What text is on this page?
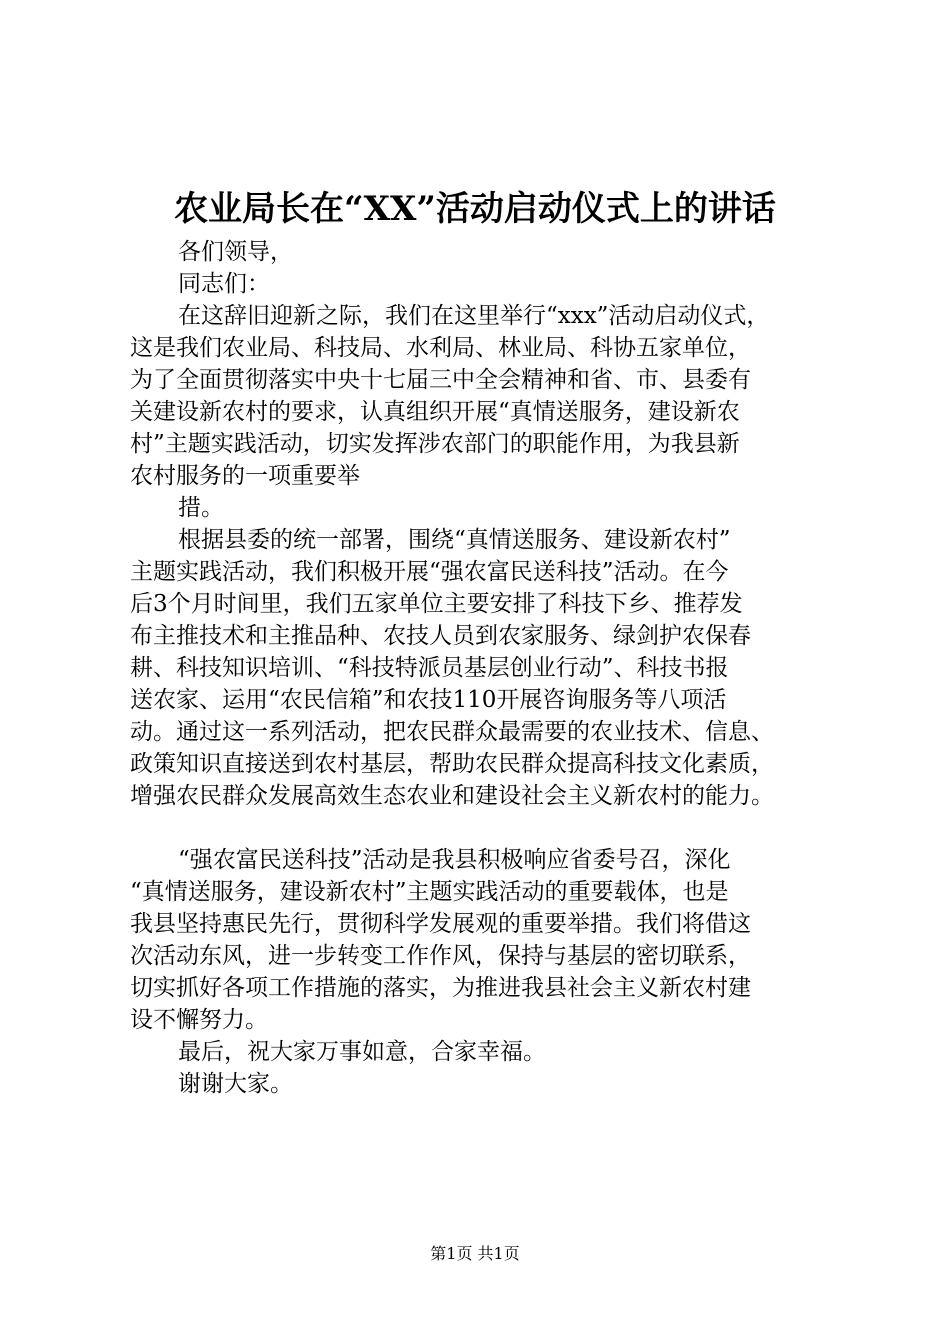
农业局长在“XX”活动启动仪式上的讲话
各们领导，
同志们：
在这辞旧迎新之际，我们在这里举行“xxx”活动启动仪式，
这是我们农业局、科技局、水利局、林业局、科协五家单位，
为了全面贯彻落实中央十七届三中全会精神和省、市、县委有
关建设新农村的要求，认真组织开展“真情送服务，建设新农
村”主题实践活动，切实发挥涉农部门的职能作用，为我县新
农村服务的一项重要举
措。
根据县委的统一部署，围绕“真情送服务、建设新农村”
主题实践活动，我们积极开展“强农富民送科技”活动。在今
后3个月时间里，我们五家单位主要安排了科技下乡、推荐发
布主推技术和主推品种、农技人员到农家服务、绿剑护农保春
耕、科技知识培训、“科技特派员基层创业行动”、科技书报
送农家、运用“农民信箱”和农技110开展咨询服务等八项活
动。通过这一系列活动，把农民群众最需要的农业技术、信息、
政策知识直接送到农村基层，帮助农民群众提高科技文化素质，
增强农民群众发展高效生态农业和建设社会主义新农村的能力。
“强农富民送科技”活动是我县积极响应省委号召，深化
“真情送服务，建设新农村”主题实践活动的重要载体，也是
我县坚持惠民先行，贯彻科学发展观的重要举措。我们将借这
次活动东风，进一步转变工作作风，保持与基层的密切联系，
切实抓好各项工作措施的落实，为推进我县社会主义新农村建
设不懈努力。
最后，祝大家万事如意，合家幸福。
谢谢大家。
第1页 共1页
